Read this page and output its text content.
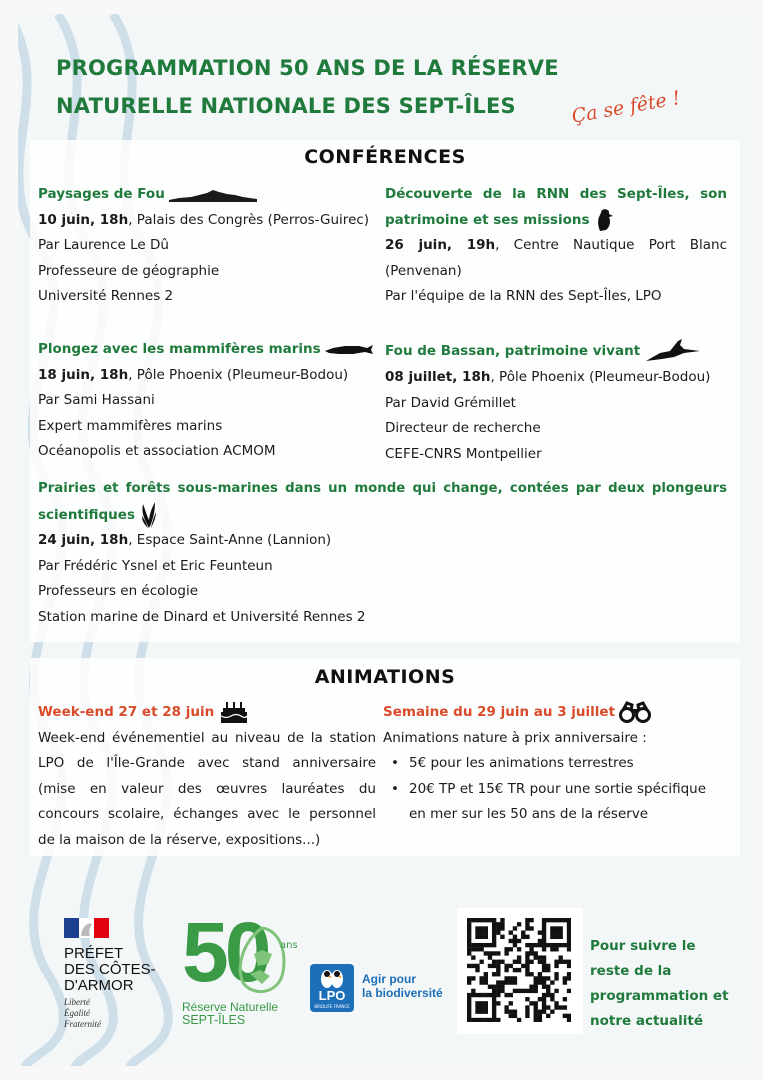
PROGRAMMATION 50 ANS DE LA RÉSERVE
NATURELLE NATIONALE DES SEPT-ÎLES	Ça se fête !
CONFÉRENCES

Paysages de Fou

10 juin, 18h, Palais des Congrès (Perros-Guirec)

Par Laurence Le Dû

Professeure de géographie

Université Rennes 2

Découverte de la RNN des Sept-Îles, son

patrimoine et ses missions

26 juin, 19h, Centre Nautique Port Blanc

(Penvenan)

Par l'équipe de la RNN des Sept-Îles, LPO

Plongez avec les mammifères marins

18 juin, 18h, Pôle Phoenix (Pleumeur-Bodou)

Par Sami Hassani

Expert mammifères marins

Océanopolis et association ACMOM

Fou de Bassan, patrimoine vivant

08 juillet, 18h, Pôle Phoenix (Pleumeur-Bodou)

Par David Grémillet

Directeur de recherche

CEFE-CNRS Montpellier

Prairies et forêts sous-marines dans un monde qui change, contées par deux plongeurs

scientifiques

24 juin, 18h, Espace Saint-Anne (Lannion)

Par Frédéric Ysnel et Eric Feunteun

Professeurs en écologie

Station marine de Dinard et Université Rennes 2

ANIMATIONS

Week-end 27 et 28 juin

Week-end événementiel au niveau de la station

LPO de l'Île-Grande avec stand anniversaire

(mise en valeur des œuvres lauréates du

concours scolaire, échanges avec le personnel

de la maison de la réserve, expositions...)

Semaine du 29 juin au 3 juillet

Animations nature à prix anniversaire :

• 5€ pour les animations terrestres
• 20€ TP et 15€ TR pour une sortie spécifique
en mer sur les 50 ans de la réserve
PRÉFET
DES CÔTES-
D'ARMOR
Liberté
Égalité
Fraternité
50 ans
Réserve Naturelle
SEPT-ÎLES
LPO
BIRDLIFE FRANCE
Agir pour
la biodiversité
Pour suivre le
reste de la
programmation et
notre actualité
